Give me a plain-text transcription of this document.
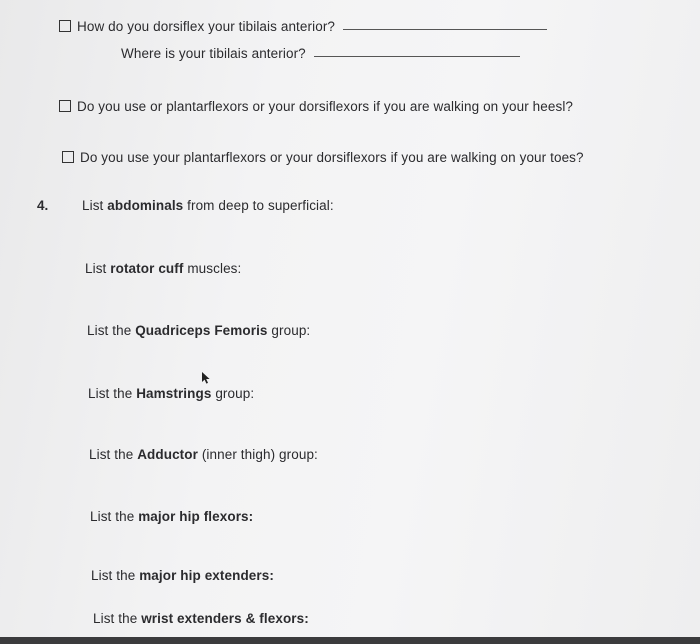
How do you dorsiflex your tibilais anterior?
Where is your tibilais anterior?
Do you use or plantarflexors or your dorsiflexors if you are walking on your heesl?
Do you use your plantarflexors or your dorsiflexors if you are walking on your toes?
4. List abdominals from deep to superficial:
List rotator cuff muscles:
List the Quadriceps Femoris group:
List the Hamstrings group:
List the Adductor (inner thigh) group:
List the major hip flexors:
List the major hip extenders:
List the wrist extenders & flexors:
